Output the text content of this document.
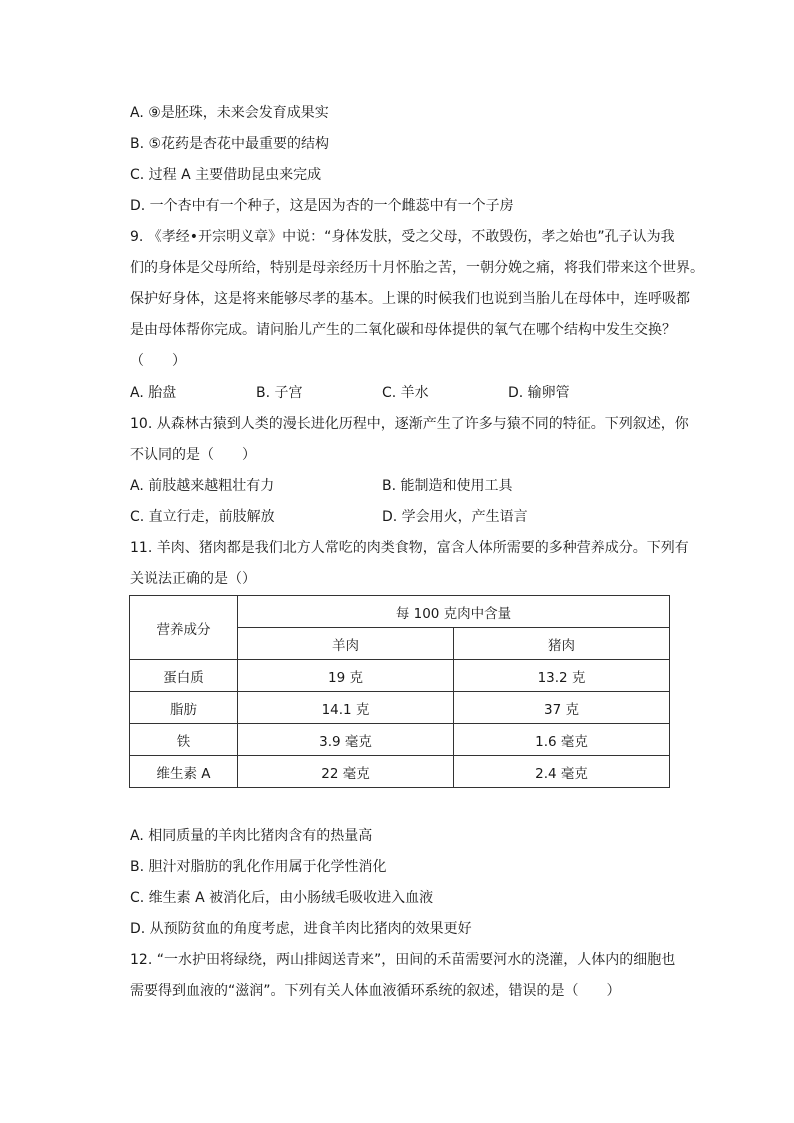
A. ⑨是胚珠，未来会发育成果实
B. ⑤花药是杏花中最重要的结构
C. 过程 A 主要借助昆虫来完成
D. 一个杏中有一个种子，这是因为杏的一个雌蕊中有一个子房
9. 《孝经•开宗明义章》中说：“身体发肤，受之父母，不敢毁伤，孝之始也”孔子认为我
们的身体是父母所给，特别是母亲经历十月怀胎之苦，一朝分娩之痛，将我们带来这个世界。
保护好身体，这是将来能够尽孝的基本。上课的时候我们也说到当胎儿在母体中，连呼吸都
是由母体帮你完成。请问胎儿产生的二氧化碳和母体提供的氧气在哪个结构中发生交换？
（　　）
A. 胎盘	B. 子宫	C. 羊水	D. 输卵管
10. 从森林古猿到人类的漫长进化历程中，逐渐产生了许多与猿不同的特征。下列叙述，你
不认同的是（　　）
A. 前肢越来越粗壮有力	B. 能制造和使用工具
C. 直立行走，前肢解放	D. 学会用火，产生语言
11. 羊肉、猪肉都是我们北方人常吃的肉类食物，富含人体所需要的多种营养成分。下列有
关说法正确的是（）
营养成分	每 100 克肉中含量	
	羊肉	猪肉
蛋白质	19 克	13.2 克
脂肪	14.1 克	37 克
铁	3.9 毫克	1.6 毫克
维生素 A	22 毫克	2.4 毫克
A. 相同质量的羊肉比猪肉含有的热量高
B. 胆汁对脂肪的乳化作用属于化学性消化
C. 维生素 A 被消化后，由小肠绒毛吸收进入血液
D. 从预防贫血的角度考虑，进食羊肉比猪肉的效果更好
12. “一水护田将绿绕，两山排闼送青来”，田间的禾苗需要河水的浇灌，人体内的细胞也
需要得到血液的“滋润”。下列有关人体血液循环系统的叙述，错误的是（　　）
